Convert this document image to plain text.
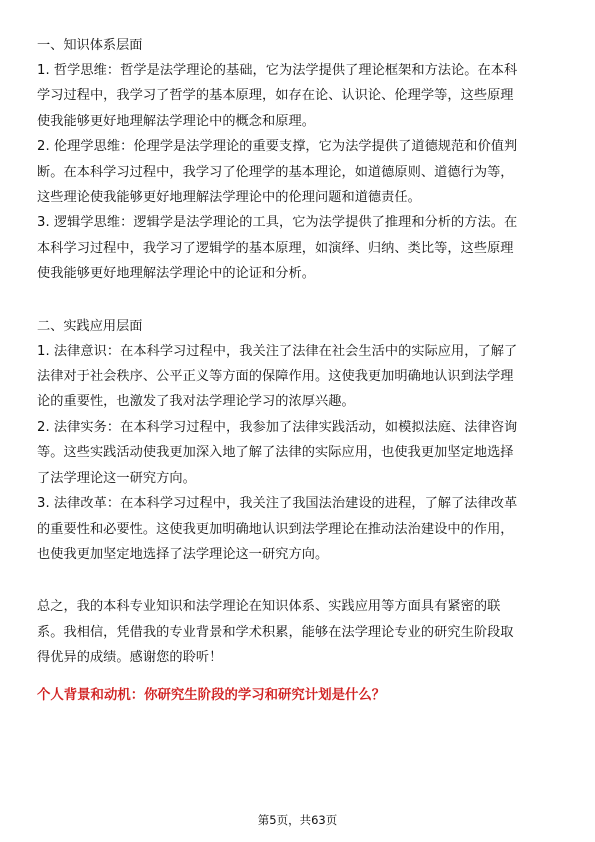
一、知识体系层面
1. 哲学思维：哲学是法学理论的基础，它为法学提供了理论框架和方法论。在本科
学习过程中，我学习了哲学的基本原理，如存在论、认识论、伦理学等，这些原理
使我能够更好地理解法学理论中的概念和原理。
2. 伦理学思维：伦理学是法学理论的重要支撑，它为法学提供了道德规范和价值判
断。在本科学习过程中，我学习了伦理学的基本理论，如道德原则、道德行为等，
这些理论使我能够更好地理解法学理论中的伦理问题和道德责任。
3. 逻辑学思维：逻辑学是法学理论的工具，它为法学提供了推理和分析的方法。在
本科学习过程中，我学习了逻辑学的基本原理，如演绎、归纳、类比等，这些原理
使我能够更好地理解法学理论中的论证和分析。
二、实践应用层面
1. 法律意识：在本科学习过程中，我关注了法律在社会生活中的实际应用，了解了
法律对于社会秩序、公平正义等方面的保障作用。这使我更加明确地认识到法学理
论的重要性，也激发了我对法学理论学习的浓厚兴趣。
2. 法律实务：在本科学习过程中，我参加了法律实践活动，如模拟法庭、法律咨询
等。这些实践活动使我更加深入地了解了法律的实际应用，也使我更加坚定地选择
了法学理论这一研究方向。
3. 法律改革：在本科学习过程中，我关注了我国法治建设的进程，了解了法律改革
的重要性和必要性。这使我更加明确地认识到法学理论在推动法治建设中的作用，
也使我更加坚定地选择了法学理论这一研究方向。
总之，我的本科专业知识和法学理论在知识体系、实践应用等方面具有紧密的联
系。我相信，凭借我的专业背景和学术积累，能够在法学理论专业的研究生阶段取
得优异的成绩。感谢您的聆听！

个人背景和动机：你研究生阶段的学习和研究计划是什么？

第5页，共63页
